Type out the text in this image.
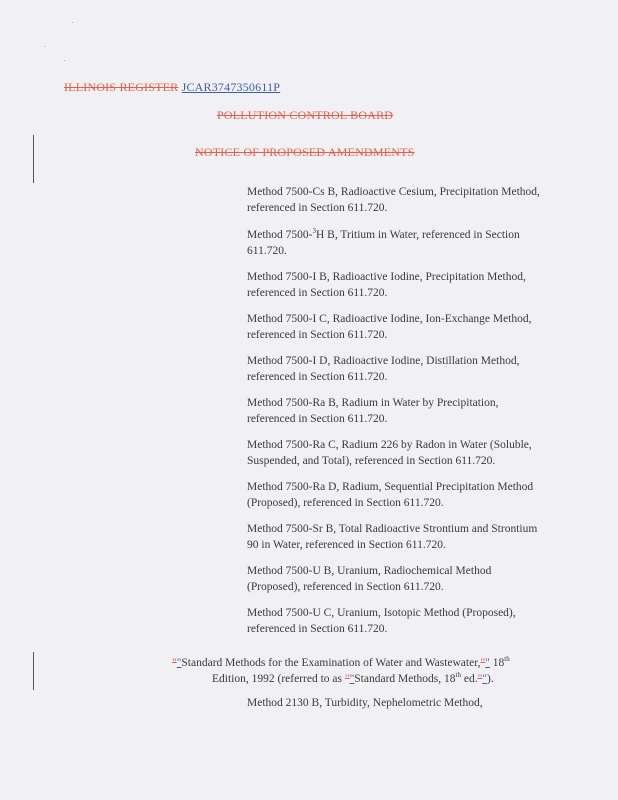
ILLINOIS REGISTER JCAR3747350611P
POLLUTION CONTROL BOARD
NOTICE OF PROPOSED AMENDMENTS

Method 7500-Cs B, Radioactive Cesium, Precipitation Method, referenced in Section 611.720.

Method 7500-$^3$H B, Tritium in Water, referenced in Section 611.720.

Method 7500-I B, Radioactive Iodine, Precipitation Method, referenced in Section 611.720.

Method 7500-I C, Radioactive Iodine, Ion-Exchange Method, referenced in Section 611.720.

Method 7500-I D, Radioactive Iodine, Distillation Method, referenced in Section 611.720.

Method 7500-Ra B, Radium in Water by Precipitation, referenced in Section 611.720.

Method 7500-Ra C, Radium 226 by Radon in Water (Soluble, Suspended, and Total), referenced in Section 611.720.

Method 7500-Ra D, Radium, Sequential Precipitation Method (Proposed), referenced in Section 611.720.

Method 7500-Sr B, Total Radioactive Strontium and Strontium 90 in Water, referenced in Section 611.720.

Method 7500-U B, Uranium, Radiochemical Method (Proposed), referenced in Section 611.720.

Method 7500-U C, Uranium, Isotopic Method (Proposed), referenced in Section 611.720.

""Standard Methods for the Examination of Water and Wastewater,"" 18th
Edition, 1992 (referred to as ""Standard Methods, 18th ed."").
Method 2130 B, Turbidity, Nephelometric Method,
